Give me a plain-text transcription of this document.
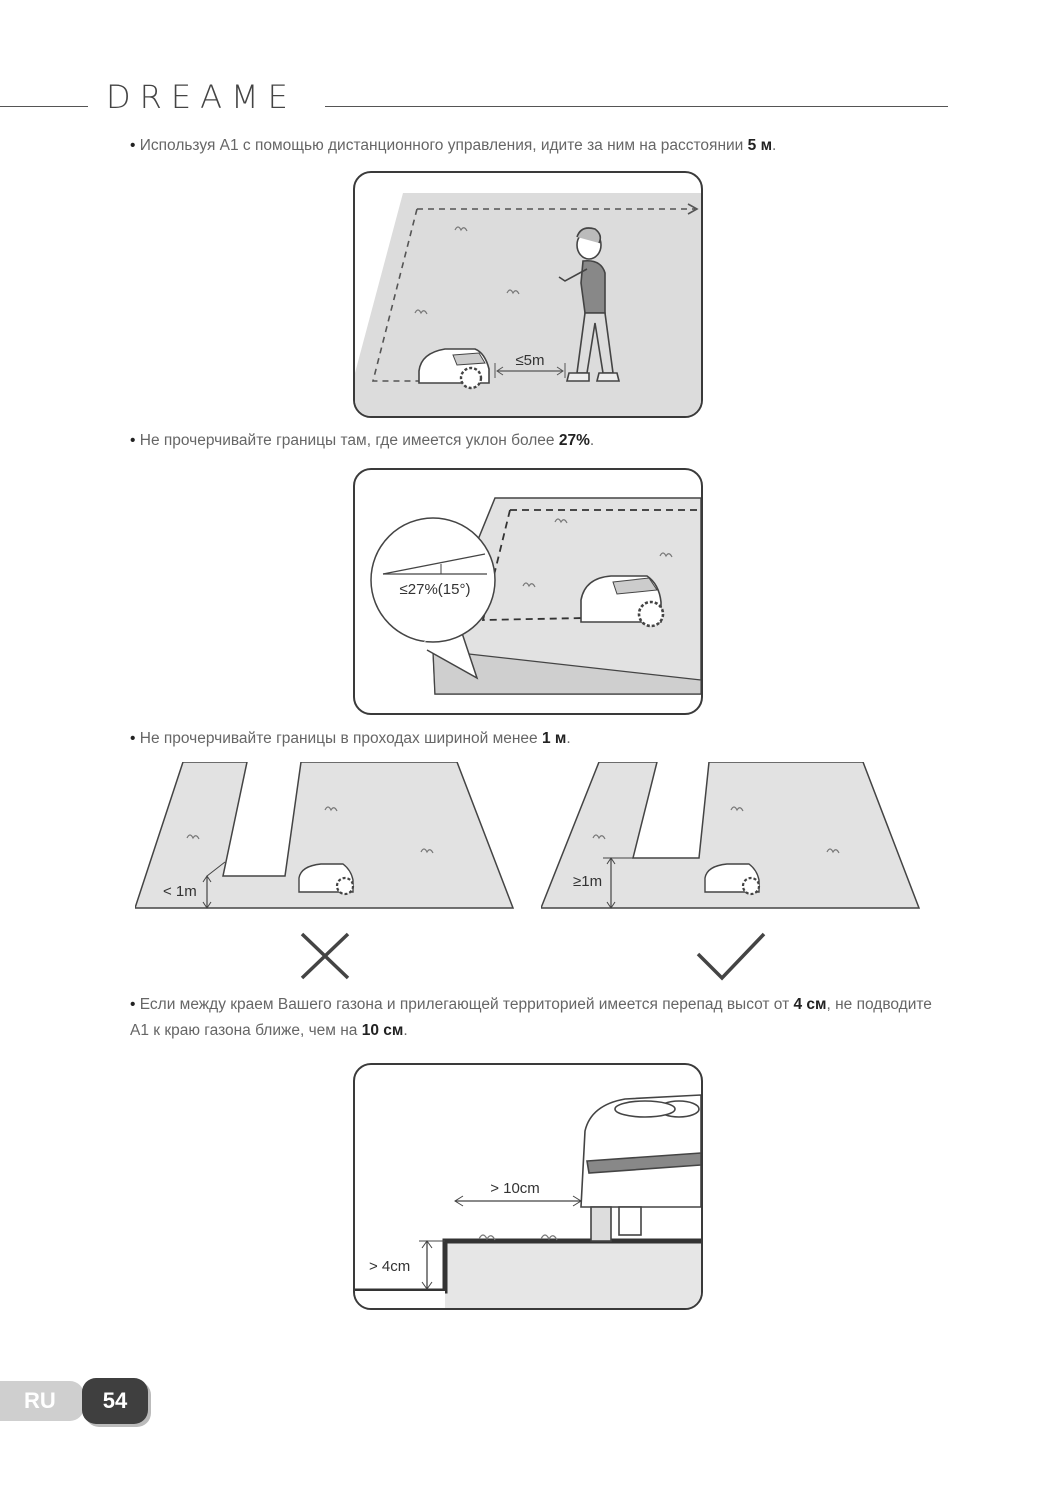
DREAME
• Используя A1 с помощью дистанционного управления, идите за ним на расстоянии 5 м.
≤5m
• Не прочерчивайте границы там, где имеется уклон более 27%.
≤27%(15°)
• Не прочерчивайте границы в проходах шириной менее 1 м.
< 1m
≥1m
• Если между краем Вашего газона и прилегающей территорией имеется перепад высот от 4 см, не подводите A1 к краю газона ближе, чем на 10 см.
> 10cm
> 4cm
RU	54
